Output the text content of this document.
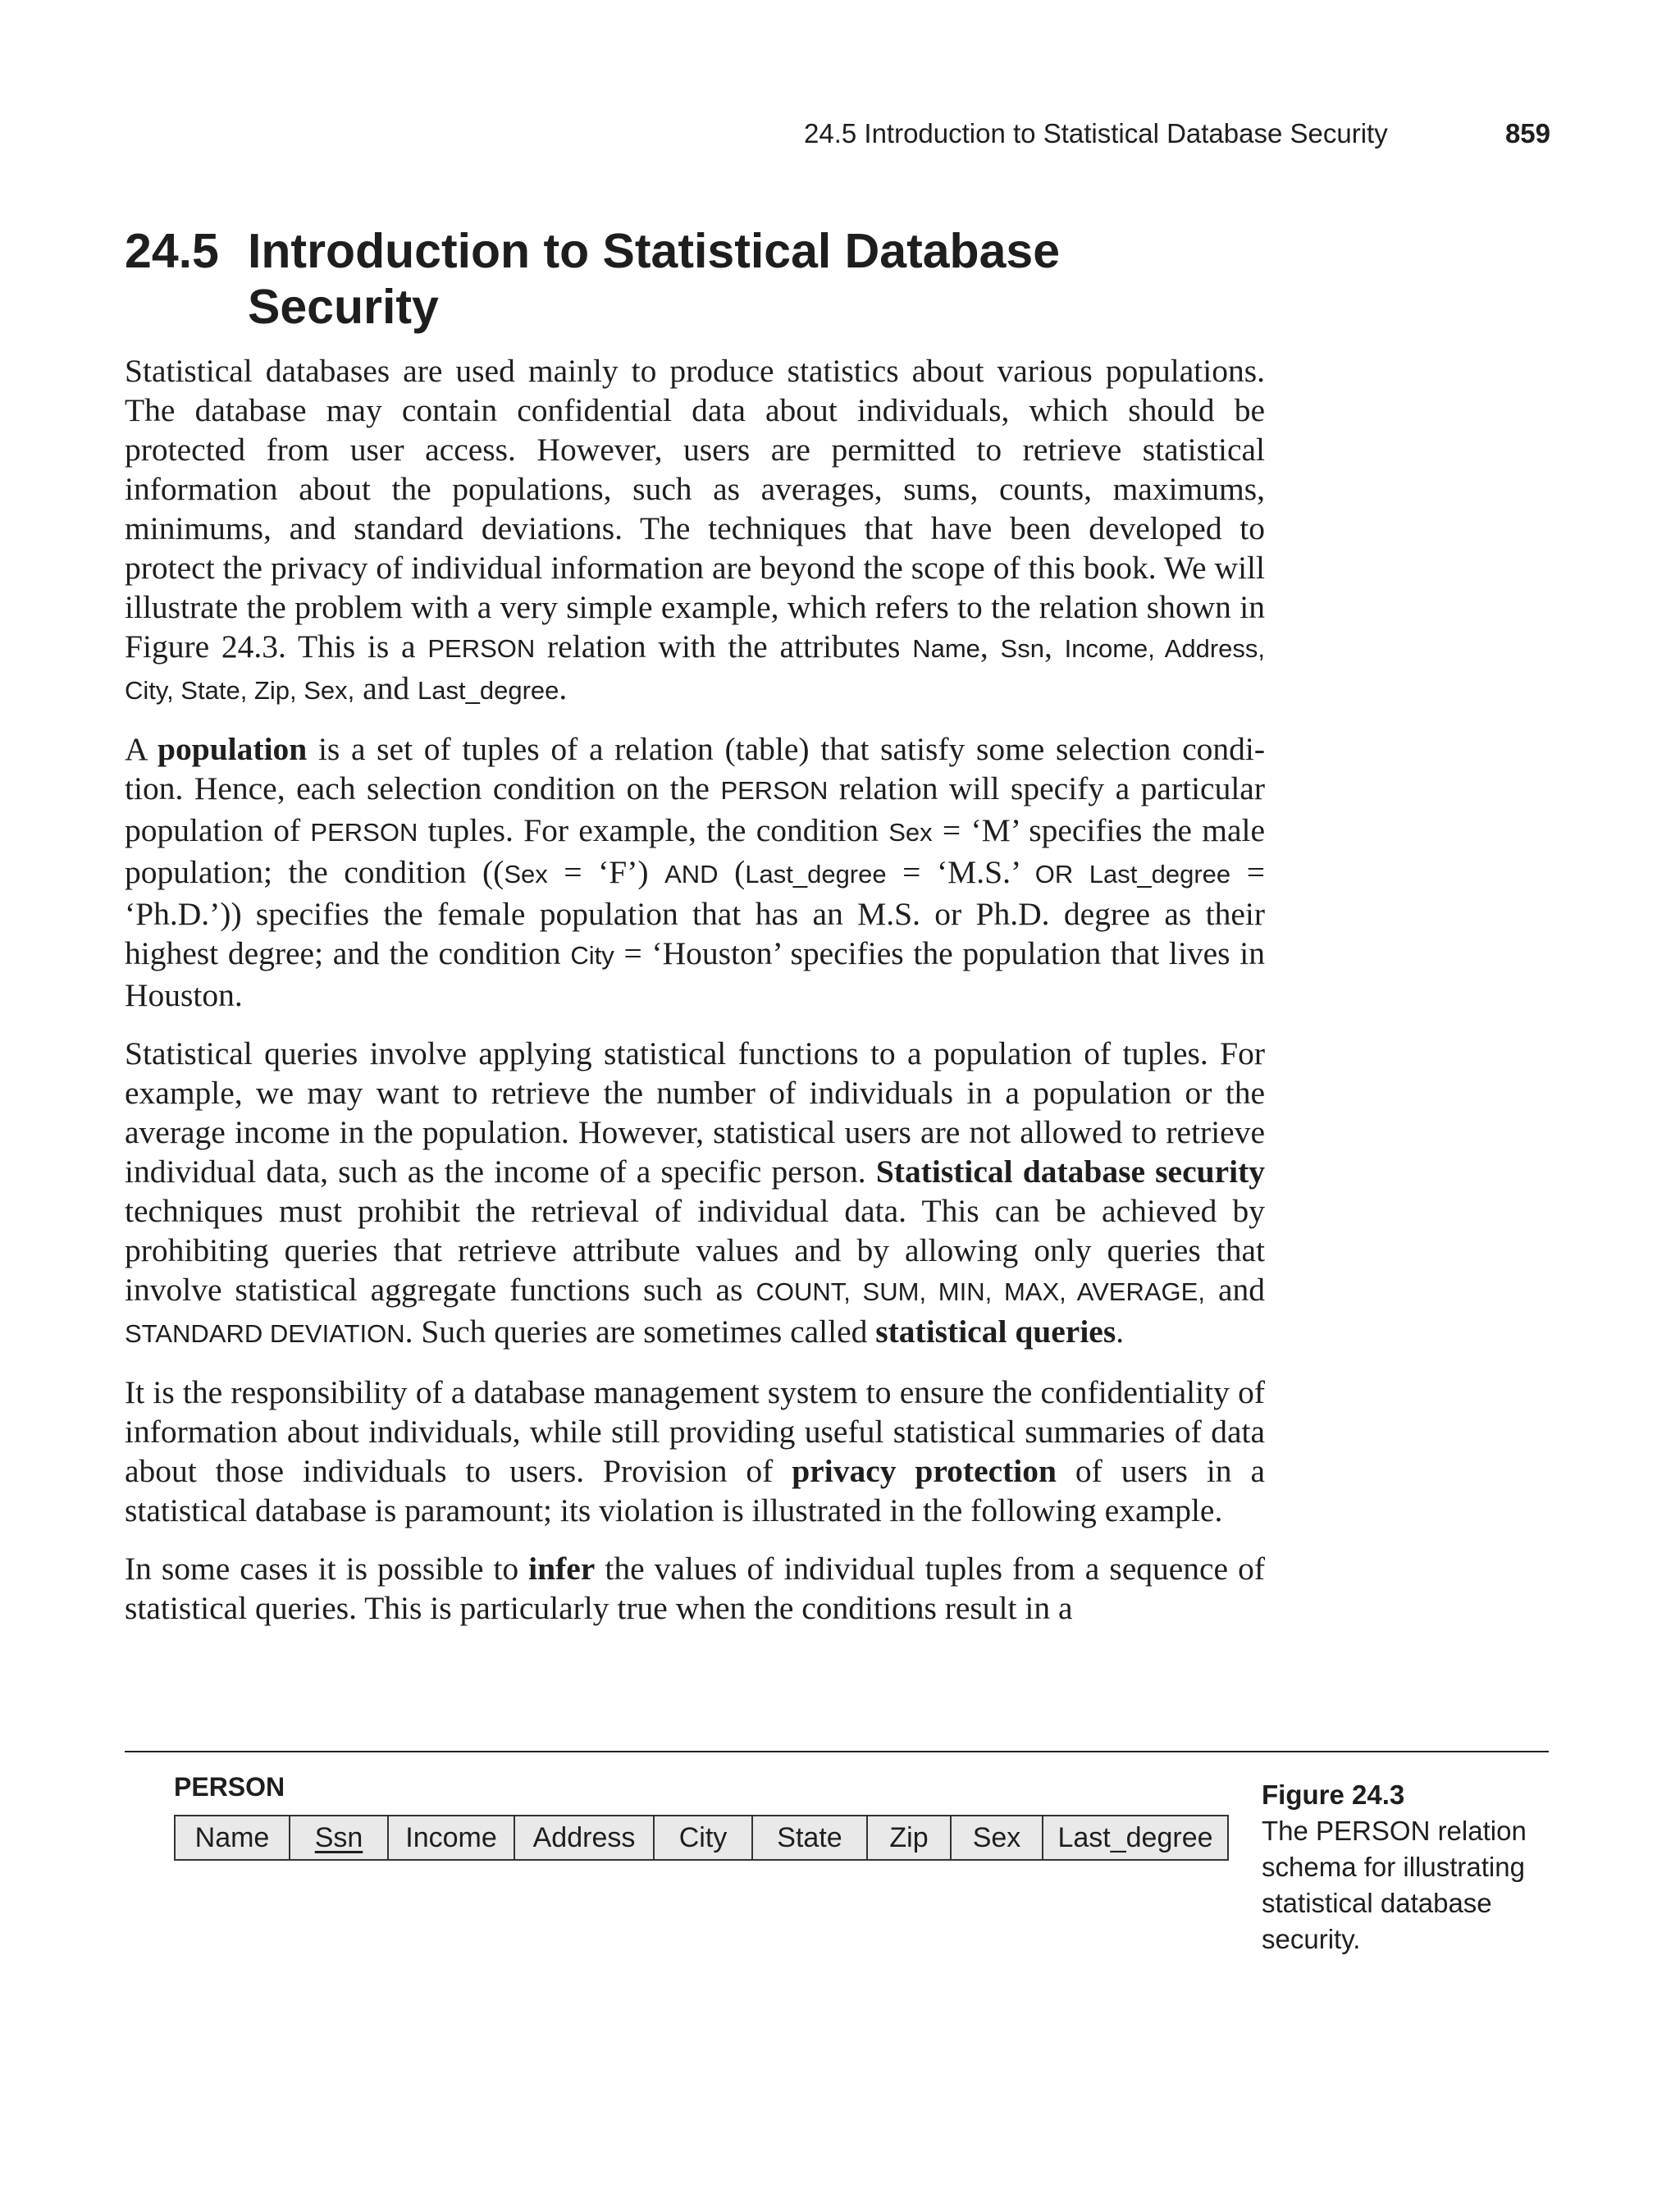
24.5 Introduction to Statistical Database Security	859
24.5 Introduction to Statistical Database Security

Statistical databases are used mainly to produce statistics about various populations. The database may contain confidential data about individuals, which should be protected from user access. However, users are permitted to retrieve statistical information about the populations, such as averages, sums, counts, maximums, minimums, and standard deviations. The techniques that have been developed to protect the privacy of individual information are beyond the scope of this book. We will illustrate the problem with a very simple example, which refers to the relation shown in Figure 24.3. This is a PERSON relation with the attributes Name, Ssn, Income, Address, City, State, Zip, Sex, and Last_degree.

A population is a set of tuples of a relation (table) that satisfy some selection condition. Hence, each selection condition on the PERSON relation will specify a particular population of PERSON tuples. For example, the condition Sex = ‘M’ specifies the male population; the condition ((Sex = ‘F’) AND (Last_degree = ‘M.S.’ OR Last_degree = ‘Ph.D.’)) specifies the female population that has an M.S. or Ph.D. degree as their highest degree; and the condition City = ‘Houston’ specifies the population that lives in Houston.

Statistical queries involve applying statistical functions to a population of tuples. For example, we may want to retrieve the number of individuals in a population or the average income in the population. However, statistical users are not allowed to retrieve individual data, such as the income of a specific person. Statistical database security techniques must prohibit the retrieval of individual data. This can be achieved by prohibiting queries that retrieve attribute values and by allowing only queries that involve statistical aggregate functions such as COUNT, SUM, MIN, MAX, AVERAGE, and STANDARD DEVIATION. Such queries are sometimes called statistical queries.

It is the responsibility of a database management system to ensure the confidentiality of information about individuals, while still providing useful statistical summaries of data about those individuals to users. Provision of privacy protection of users in a statistical database is paramount; its violation is illustrated in the following example.

In some cases it is possible to infer the values of individual tuples from a sequence of statistical queries. This is particularly true when the conditions result in a

PERSON
Name	Ssn	Income	Address	City	State	Zip	Sex	Last_degree
Figure 24.3
The PERSON relation schema for illustrating statistical database security.
